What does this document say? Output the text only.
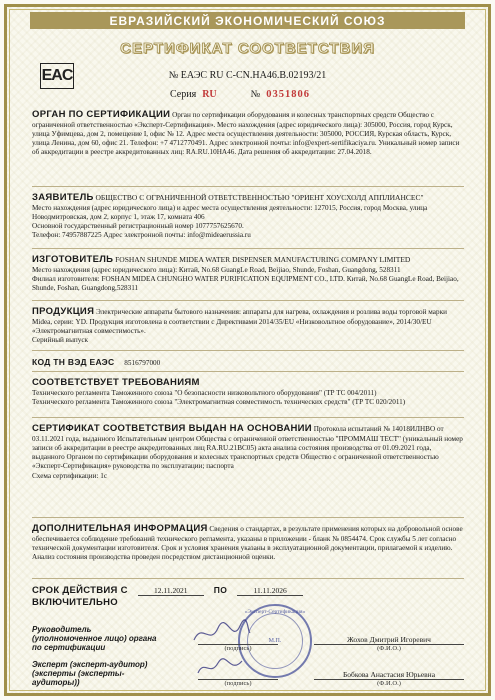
ЕВРАЗИЙСКИЙ ЭКОНОМИЧЕСКИЙ СОЮЗ
СЕРТИФИКАТ СООТВЕТСТВИЯ
EAC	№ ЕАЭС RU C-CN.НА46.В.02193/21
Серия RU	№ 0351806
ОРГАН ПО СЕРТИФИКАЦИИ Орган по сертификации оборудования и колесных транспортных средств Общество с ограниченной ответственностью «Эксперт-Сертификация». Место нахождения (адрес юридического лица): 305000, Россия, город Курск, улица Уфимцева, дом 2, помещение I, офис № 12. Адрес места осуществления деятельности: 305000, РОССИЯ, Курская область, Курск, улица Ленина, дом 60, офис 21. Телефон: +7 4712770491. Адрес электронной почты: info@expert-sertifikaciya.ru. Уникальный номер записи об аккредитации в реестре аккредитованных лиц: RA.RU.10НА46. Дата решения об аккредитации: 27.04.2018.
ЗАЯВИТЕЛЬ ОБЩЕСТВО С ОГРАНИЧЕННОЙ ОТВЕТСТВЕННОСТЬЮ "ОРИЕНТ ХОУСХОЛД АППЛИАНСЕС"
Место нахождения (адрес юридического лица) и адрес места осуществления деятельности: 127015, Россия, город Москва, улица Новодмитровская, дом 2, корпус 1, этаж 17, комната 406
Основной государственный регистрационный номер 1077757625670.
Телефон: 74957887225 Адрес электронной почты: info@mideaerussia.ru
ИЗГОТОВИТЕЛЬ FOSHAN SHUNDE MIDEA WATER DISPENSER MANUFACTURING COMPANY LIMITED
Место нахождения (адрес юридического лица): Китай, No.68 GuangLe Road, Beijiao, Shunde, Foshan, Guangdong, 528311
Филиал изготовителя: FOSHAN MIDEA CHUNGHO WATER PURIFICATION EQUIPMENT CO., LTD. Китай, No.68 GuangLe Road, Beijiao, Shunde, Foshan, Guangdong,528311
ПРОДУКЦИЯ Электрические аппараты бытового назначения: аппараты для нагрева, охлаждения и розлива воды торговой марки Midea, серии: YD. Продукция изготовлена в соответствии с Директивами 2014/35/EU «Низковольтное оборудование», 2014/30/EU «Электромагнитная совместимость».
Серийный выпуск
КОД ТН ВЭД ЕАЭС 8516797000
СООТВЕТСТВУЕТ ТРЕБОВАНИЯМ
Технического регламента Таможенного союза "О безопасности низковольтного оборудования" (ТР ТС 004/2011)
Технического регламента Таможенного союза "Электромагнитная совместимость технических средств" (ТР ТС 020/2011)
СЕРТИФИКАТ СООТВЕТСТВИЯ ВЫДАН НА ОСНОВАНИИ Протокола испытаний № 14018ИЛНВО от 03.11.2021 года, выданного Испытательным центром Общества с ограниченной ответственностью "ПРОММАШ ТЕСТ" (уникальный номер записи об аккредитации в реестре аккредитованных лиц RA.RU.21ВС05) акта анализа состояния производства от 01.09.2021 года, выданного Органом по сертификации оборудования и колесных транспортных средств Общество с ограниченной ответственностью «Эксперт-Сертификация» руководства по эксплуатации; паспорта
Схема сертификации: 1с
ДОПОЛНИТЕЛЬНАЯ ИНФОРМАЦИЯ Сведения о стандартах, в результате применения которых на добровольной основе обеспечивается соблюдение требований технического регламента, указаны в приложении - бланк № 0854474. Срок службы 5 лет согласно технической документации изготовителя. Срок и условия хранения указаны в эксплуатационной документации, прилагаемой к изделию. Анализ состояния производства проведен посредством дистанционной оценки.
СРОК ДЕЙСТВИЯ С
ВКЛЮЧИТЕЛЬНО
12.11.2021	ПО	11.11.2026
«Эксперт-Сертификация»
М.П.
Руководитель (уполномоченное лицо) органа по сертификации	(подпись)
Жохов Дмитрий Игоревич
(Ф.И.О.)
Эксперт (эксперт-аудитор) (эксперты (эксперты-аудиторы))	(подпись)
Бобкова Анастасия Юрьевна
(Ф.И.О.)
